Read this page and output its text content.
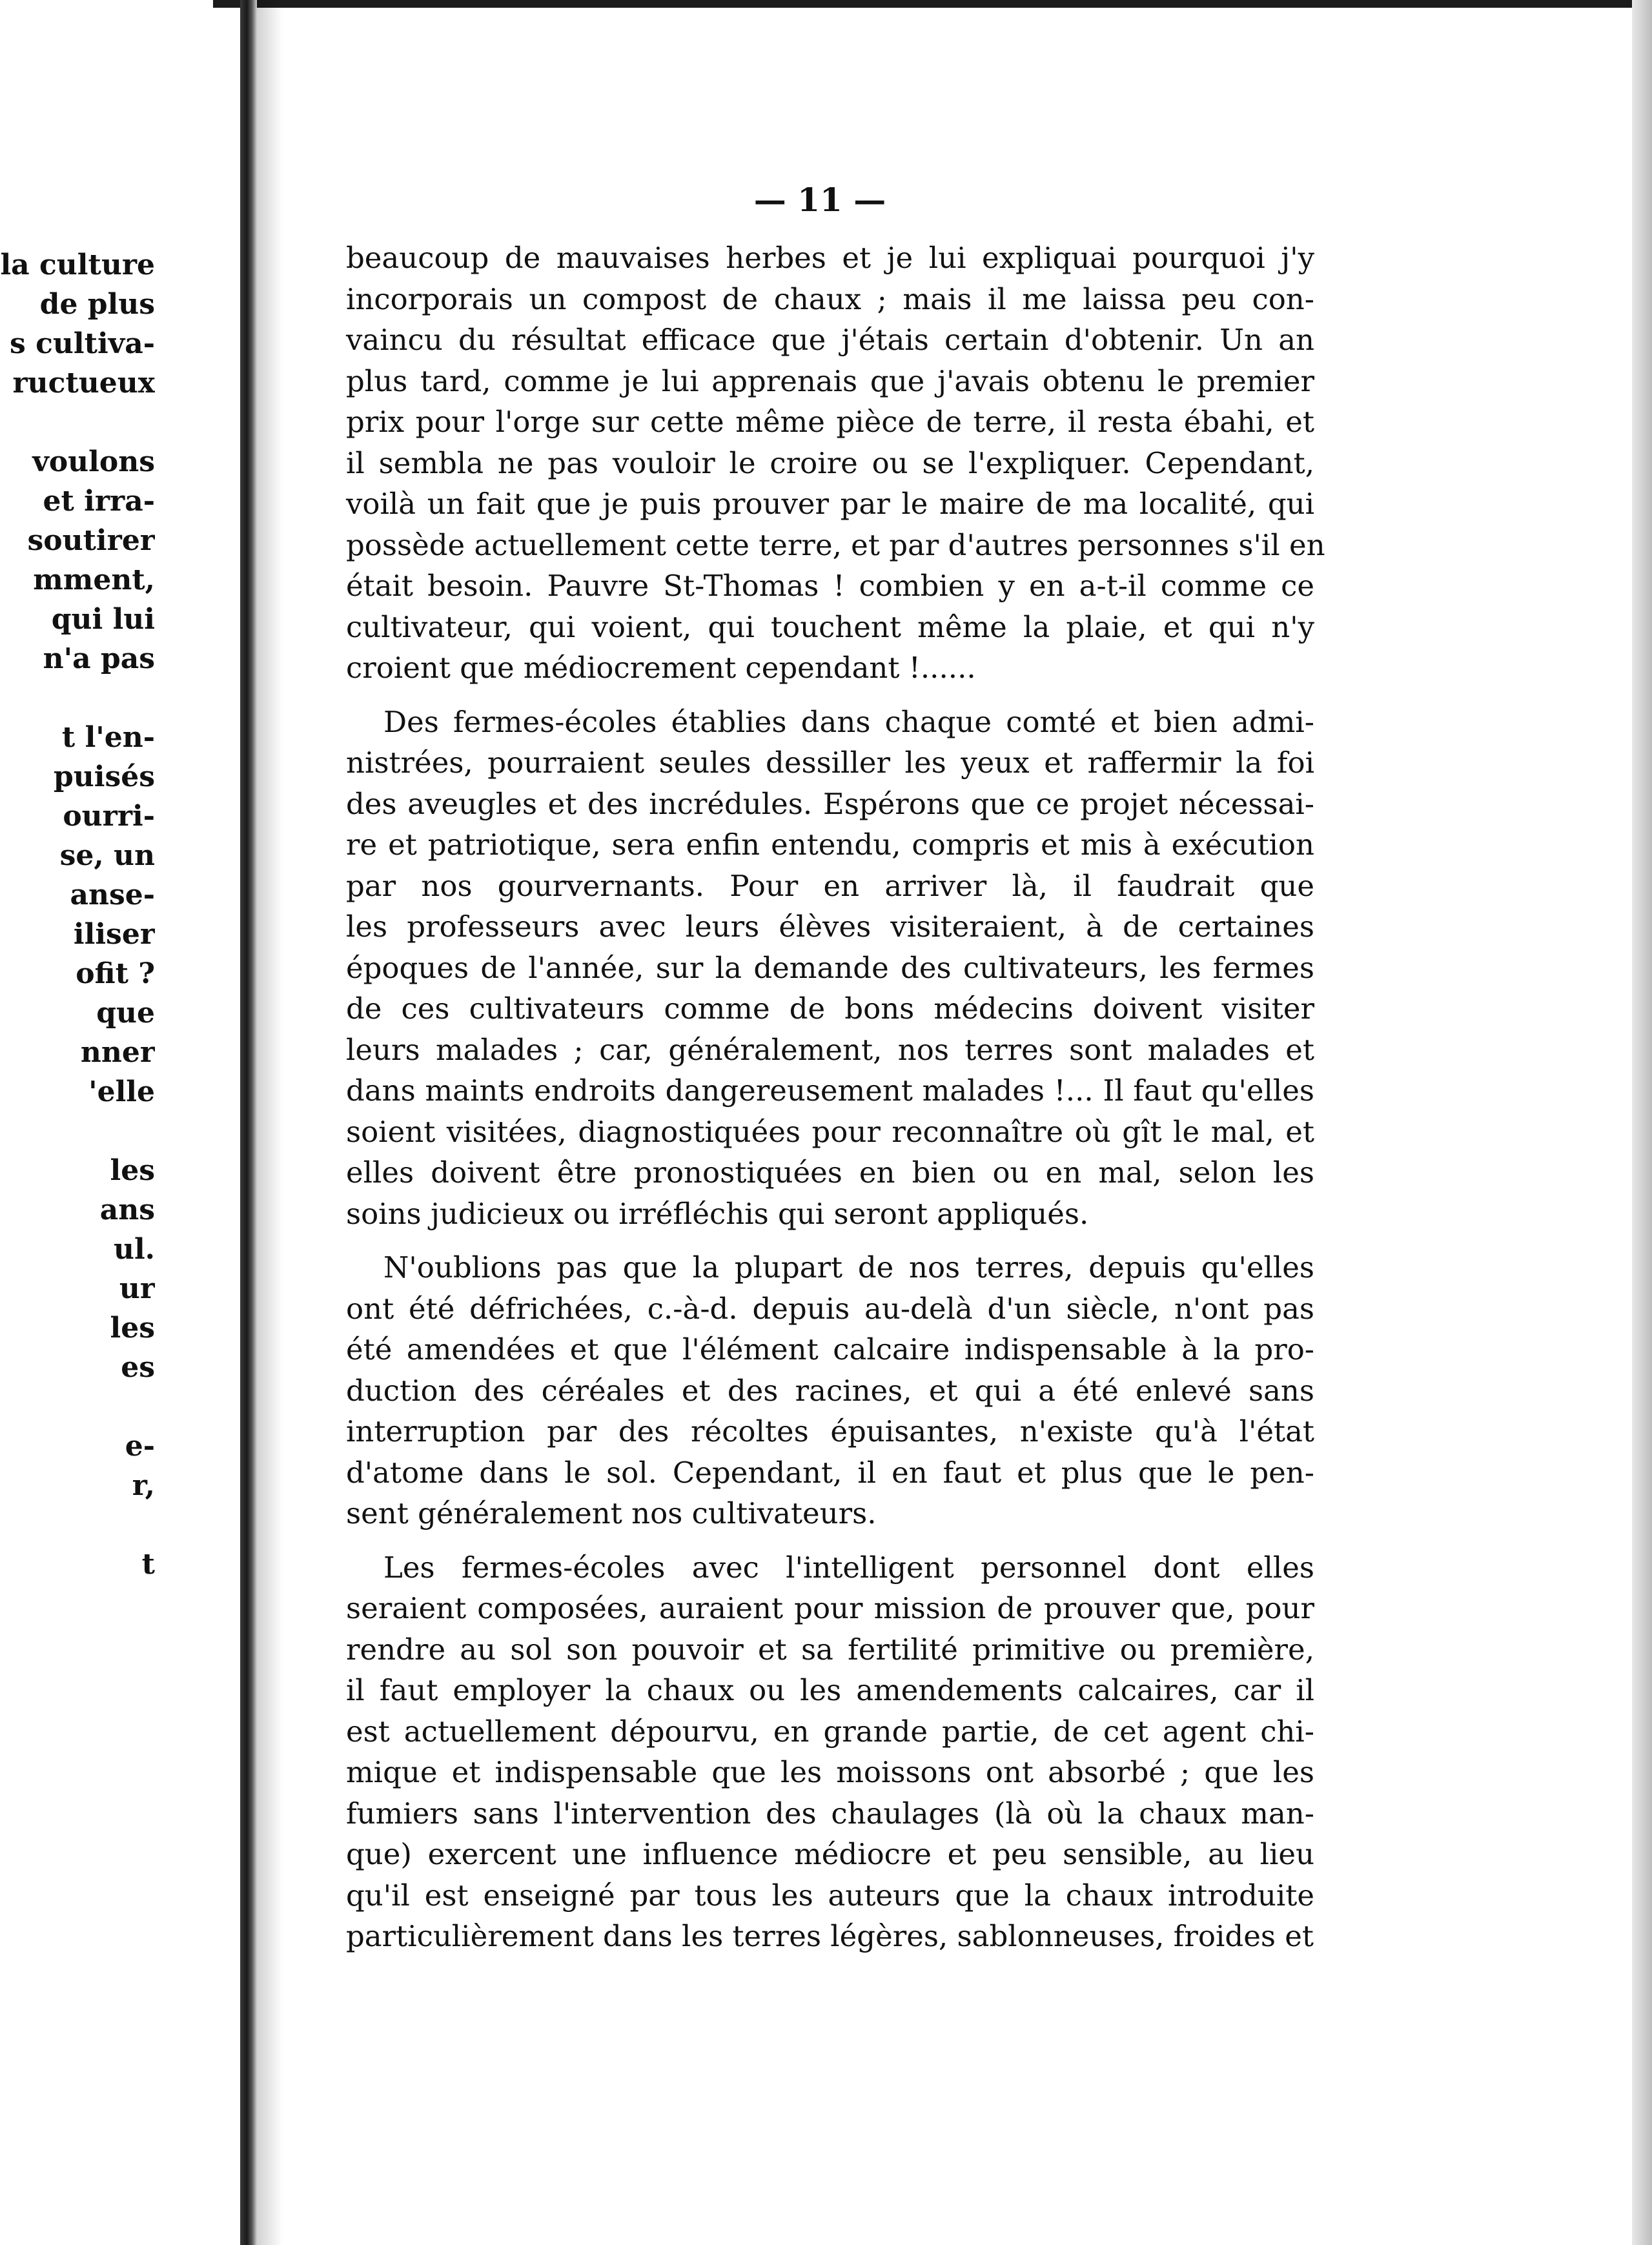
la culture
de plus
s cultiva-
ructueux
voulons
et irra-
soutirer
mment,
qui lui
n'a pas
t l'en-
puisés
ourri-
se, un
anse-
iliser
ofit ?
que
nner
'elle
les
ans
ul.
ur
les
es
e-
r,
t
— 11 —
beaucoup de mauvaises herbes et je lui expliquai pourquoi j'y
incorporais un compost de chaux ; mais il me laissa peu con-
vaincu du résultat efficace que j'étais certain d'obtenir. Un an
plus tard, comme je lui apprenais que j'avais obtenu le premier
prix pour l'orge sur cette même pièce de terre, il resta ébahi, et
il sembla ne pas vouloir le croire ou se l'expliquer. Cependant,
voilà un fait que je puis prouver par le maire de ma localité, qui
possède actuellement cette terre, et par d'autres personnes s'il en
était besoin. Pauvre St-Thomas ! combien y en a-t-il comme ce
cultivateur, qui voient, qui touchent même la plaie, et qui n'y
croient que médiocrement cependant !......
Des fermes-écoles établies dans chaque comté et bien admi-
nistrées, pourraient seules dessiller les yeux et raffermir la foi
des aveugles et des incrédules. Espérons que ce projet nécessai-
re et patriotique, sera enfin entendu, compris et mis à exécution
par nos gourvernants. Pour en arriver là, il faudrait que
les professeurs avec leurs élèves visiteraient, à de certaines
époques de l'année, sur la demande des cultivateurs, les fermes
de ces cultivateurs comme de bons médecins doivent visiter
leurs malades ; car, généralement, nos terres sont malades et
dans maints endroits dangereusement malades !... Il faut qu'elles
soient visitées, diagnostiquées pour reconnaître où gît le mal, et
elles doivent être pronostiquées en bien ou en mal, selon les
soins judicieux ou irréfléchis qui seront appliqués.
N'oublions pas que la plupart de nos terres, depuis qu'elles
ont été défrichées, c.-à-d. depuis au-delà d'un siècle, n'ont pas
été amendées et que l'élément calcaire indispensable à la pro-
duction des céréales et des racines, et qui a été enlevé sans
interruption par des récoltes épuisantes, n'existe qu'à l'état
d'atome dans le sol. Cependant, il en faut et plus que le pen-
sent généralement nos cultivateurs.
Les fermes-écoles avec l'intelligent personnel dont elles
seraient composées, auraient pour mission de prouver que, pour
rendre au sol son pouvoir et sa fertilité primitive ou première,
il faut employer la chaux ou les amendements calcaires, car il
est actuellement dépourvu, en grande partie, de cet agent chi-
mique et indispensable que les moissons ont absorbé ; que les
fumiers sans l'intervention des chaulages (là où la chaux man-
que) exercent une influence médiocre et peu sensible, au lieu
qu'il est enseigné par tous les auteurs que la chaux introduite
particulièrement dans les terres légères, sablonneuses, froides et
